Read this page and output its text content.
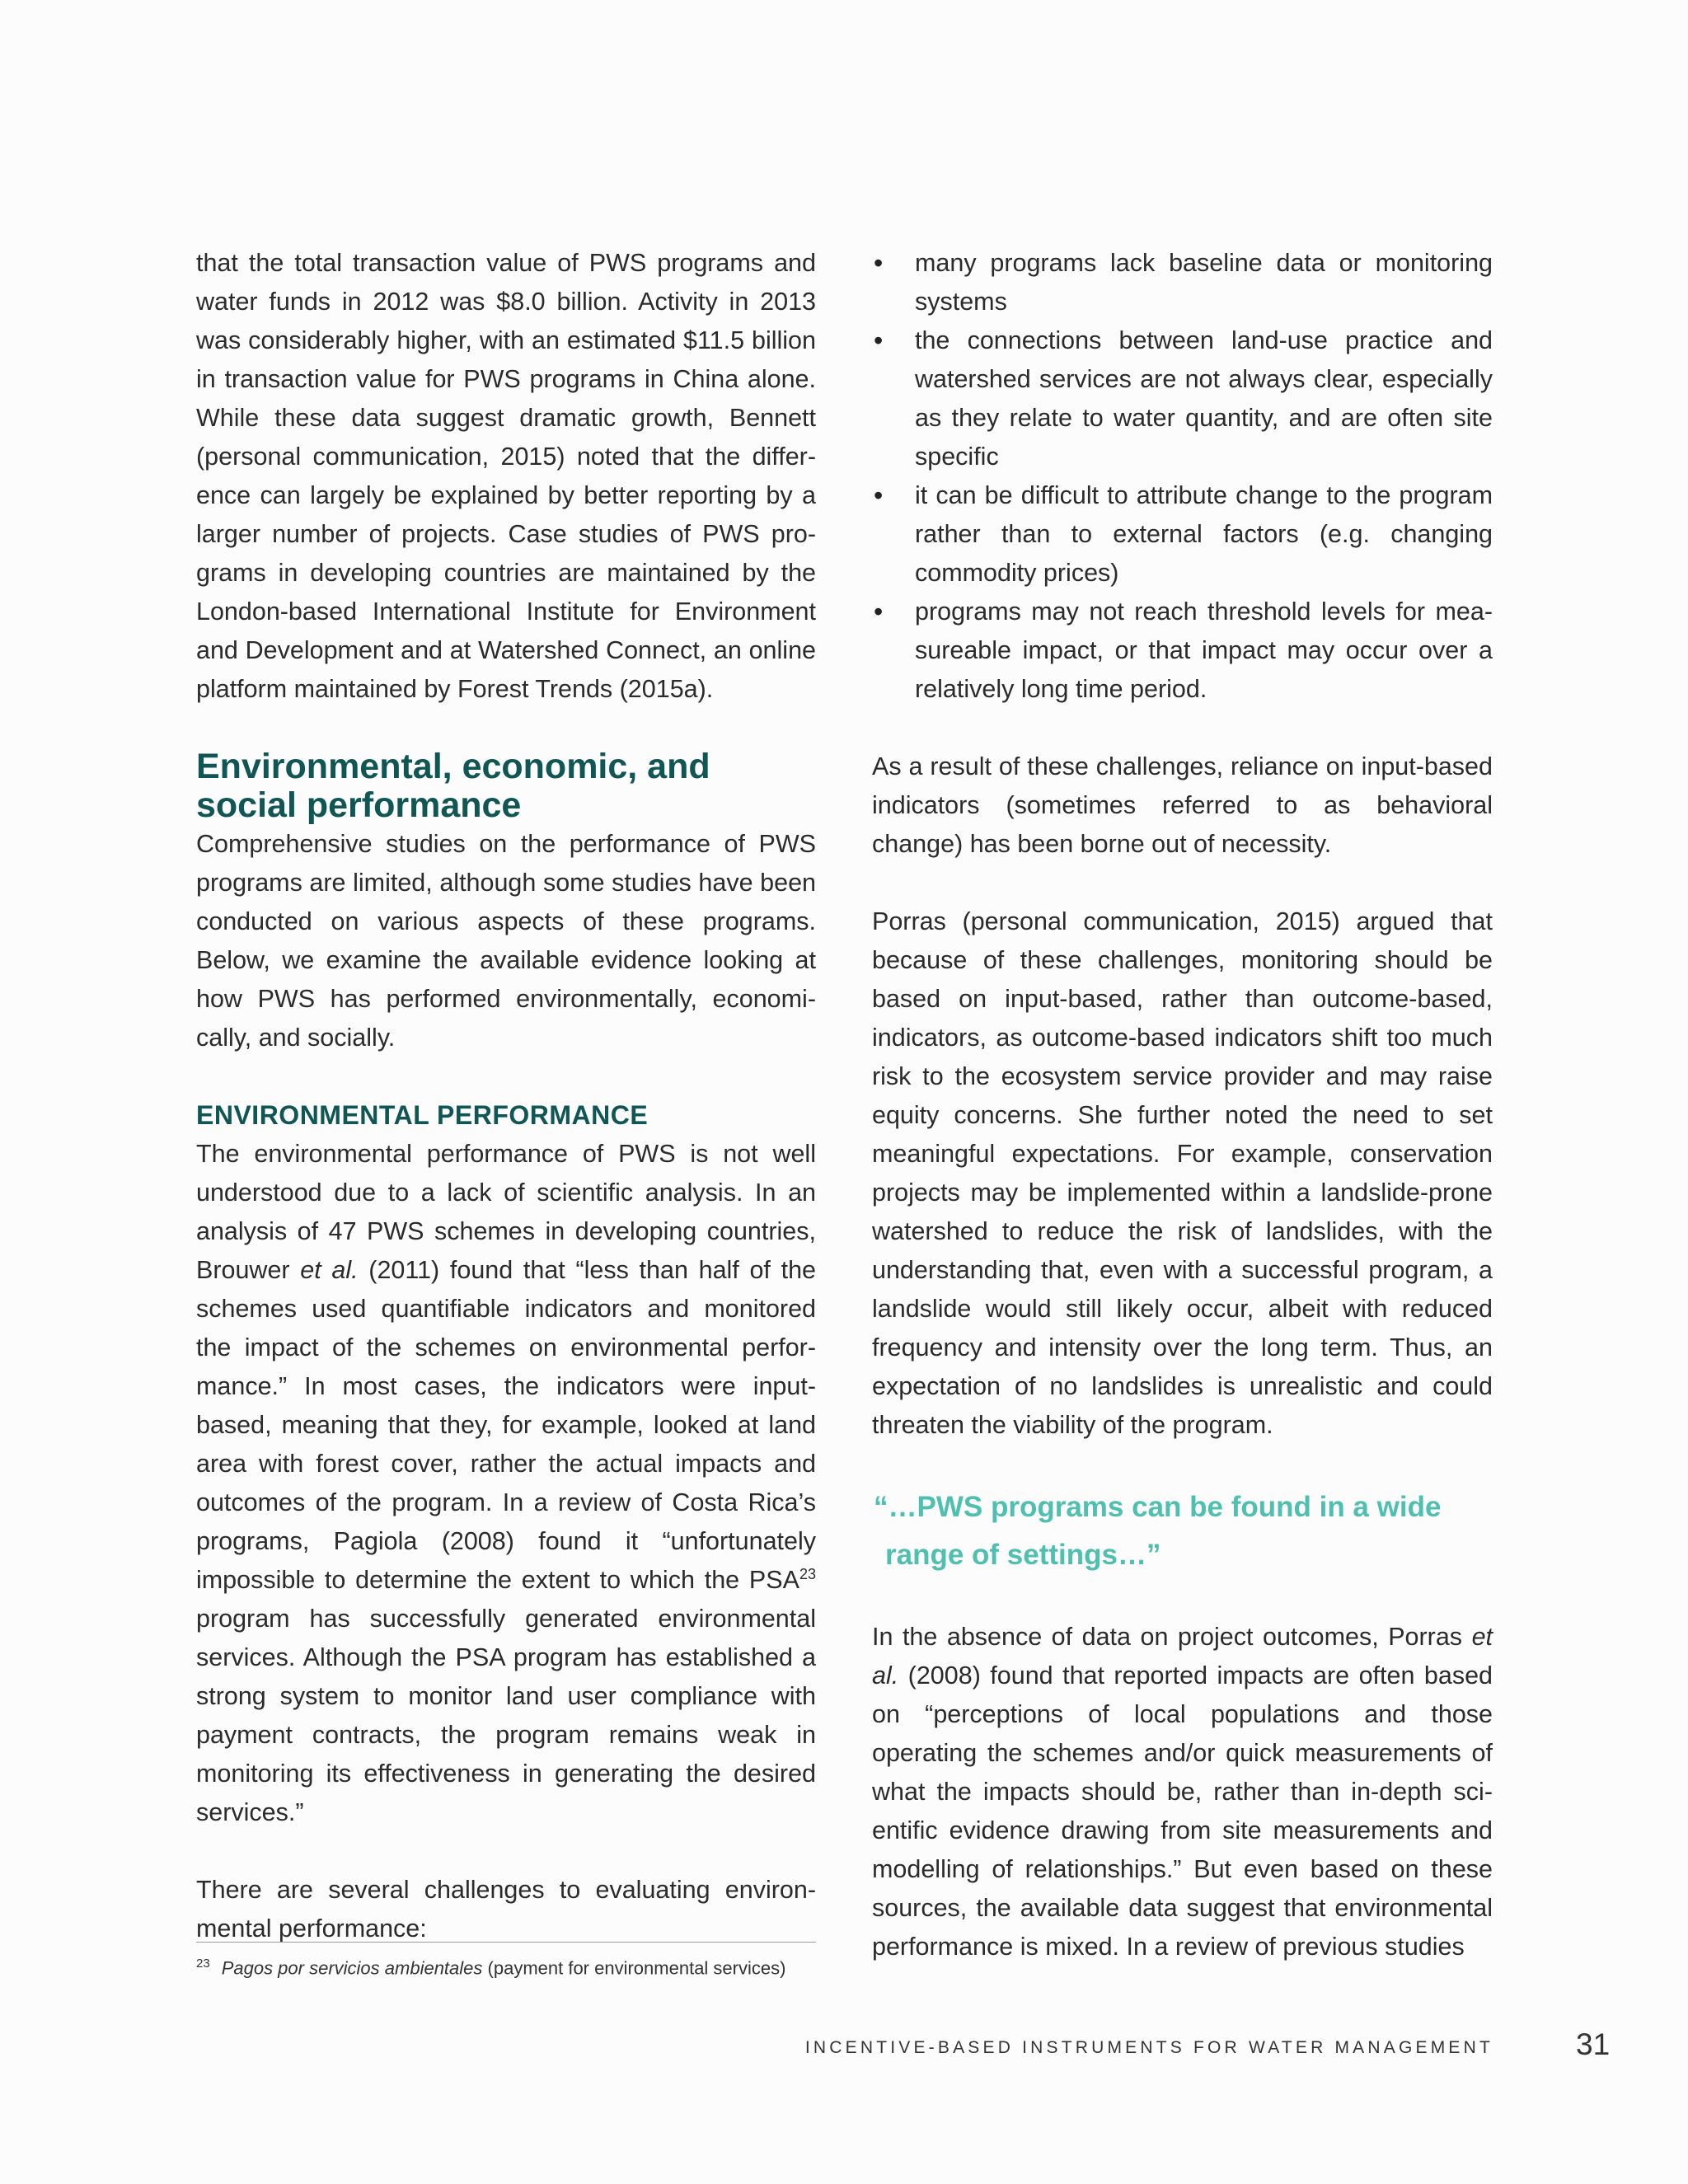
that the total transaction value of PWS programs and water funds in 2012 was $8.0 billion. Activity in 2013 was considerably higher, with an estimated $11.5 billion in transaction value for PWS programs in China alone. While these data suggest dramatic growth, Bennett (personal communication, 2015) noted that the difference can largely be explained by better reporting by a larger number of projects. Case studies of PWS programs in developing countries are maintained by the London-based International Institute for Environment and Development and at Watershed Connect, an online platform maintained by Forest Trends (2015a).

Environmental, economic, and
social performance

Comprehensive studies on the performance of PWS programs are limited, although some studies have been conducted on various aspects of these programs. Below, we examine the available evidence looking at how PWS has performed environmentally, economically, and socially.

ENVIRONMENTAL PERFORMANCE

The environmental performance of PWS is not well understood due to a lack of scientific analysis. In an analysis of 47 PWS schemes in developing countries, Brouwer et al. (2011) found that “less than half of the schemes used quantifiable indicators and monitored the impact of the schemes on environmental performance.” In most cases, the indicators were input-based, meaning that they, for example, looked at land area with forest cover, rather the actual impacts and outcomes of the program. In a review of Costa Rica’s programs, Pagiola (2008) found it “unfortunately impossible to determine the extent to which the PSA$^{23}$ program has successfully generated environmental services. Although the PSA program has established a strong system to monitor land user compliance with payment contracts, the program remains weak in monitoring its effectiveness in generating the desired services.”

There are several challenges to evaluating environmental performance:

$^{23}$ Pagos por servicios ambientales (payment for environmental services)
• many programs lack baseline data or monitoring systems
• the connections between land-use practice and watershed services are not always clear, especially as they relate to water quantity, and are often site specific
• it can be difficult to attribute change to the program rather than to external factors (e.g. changing commodity prices)
• programs may not reach threshold levels for measureable impact, or that impact may occur over a relatively long time period.

As a result of these challenges, reliance on input-based indicators (sometimes referred to as behavioral change) has been borne out of necessity.

Porras (personal communication, 2015) argued that because of these challenges, monitoring should be based on input-based, rather than outcome-based, indicators, as outcome-based indicators shift too much risk to the ecosystem service provider and may raise equity concerns. She further noted the need to set meaningful expectations. For example, conservation projects may be implemented within a landslide-prone watershed to reduce the risk of landslides, with the understanding that, even with a successful program, a landslide would still likely occur, albeit with reduced frequency and intensity over the long term. Thus, an expectation of no landslides is unrealistic and could threaten the viability of the program.

“…PWS programs can be found in a wide
range of settings…”

In the absence of data on project outcomes, Porras et al. (2008) found that reported impacts are often based on “perceptions of local populations and those operating the schemes and/or quick measurements of what the impacts should be, rather than in-depth scientific evidence drawing from site measurements and modelling of relationships.” But even based on these sources, the available data suggest that environmental performance is mixed. In a review of previous studies

INCENTIVE-BASED INSTRUMENTS FOR WATER MANAGEMENT	31
